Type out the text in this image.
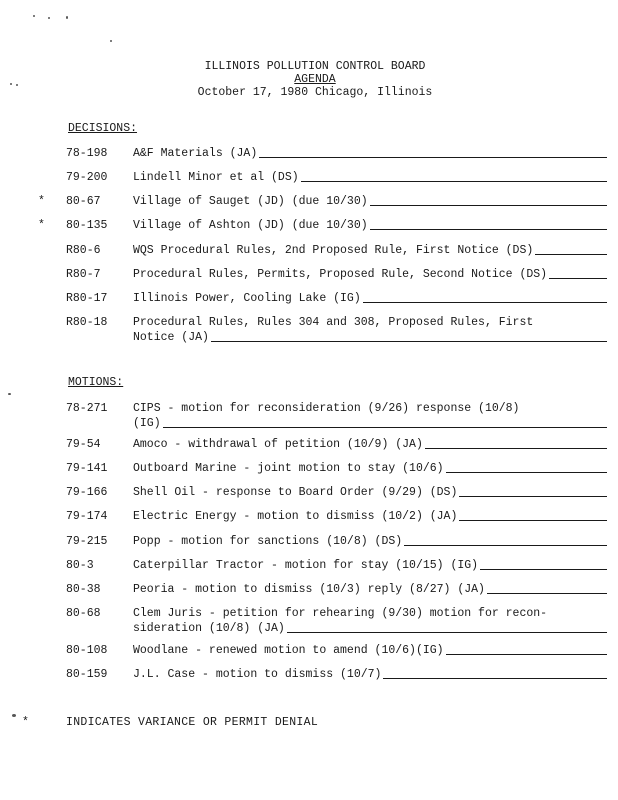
ILLINOIS POLLUTION CONTROL BOARD
AGENDA
October 17, 1980 Chicago, Illinois
DECISIONS:
78-198	A&F Materials (JA)
79-200	Lindell Minor et al (DS)
* 80-67	Village of Sauget (JD) (due 10/30)
* 80-135	Village of Ashton (JD) (due 10/30)
R80-6	WQS Procedural Rules, 2nd Proposed Rule, First Notice (DS)
R80-7	Procedural Rules, Permits, Proposed Rule, Second Notice (DS)
R80-17	Illinois Power, Cooling Lake (IG)
R80-18	Procedural Rules, Rules 304 and 308, Proposed Rules, First
Notice (JA)
MOTIONS:
78-271	CIPS - motion for reconsideration (9/26) response (10/8)
(IG)
79-54	Amoco - withdrawal of petition (10/9) (JA)
79-141	Outboard Marine - joint motion to stay (10/6)
79-166	Shell Oil - response to Board Order (9/29) (DS)
79-174	Electric Energy - motion to dismiss (10/2) (JA)
79-215	Popp - motion for sanctions (10/8) (DS)
80-3	Caterpillar Tractor - motion for stay (10/15) (IG)
80-38	Peoria - motion to dismiss (10/3) reply (8/27) (JA)
80-68	Clem Juris - petition for rehearing (9/30) motion for recon-
sideration (10/8) (JA)
80-108	Woodlane - renewed motion to amend (10/6)(IG)
80-159	J.L. Case - motion to dismiss (10/7)
*	INDICATES VARIANCE OR PERMIT DENIAL
